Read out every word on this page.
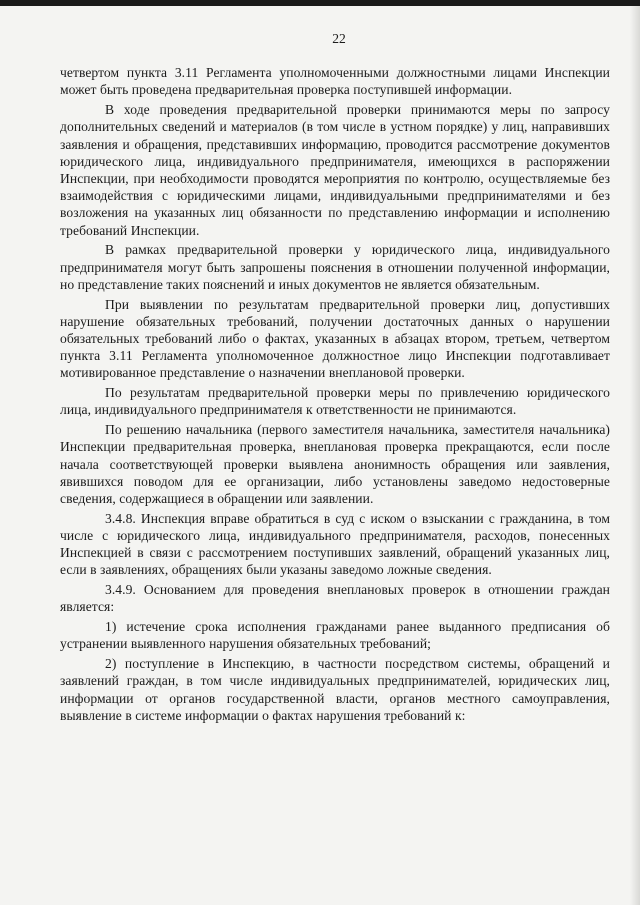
22

четвертом пункта 3.11 Регламента уполномоченными должностными лицами Инспекции может быть проведена предварительная проверка поступившей информации.

В ходе проведения предварительной проверки принимаются меры по запросу дополнительных сведений и материалов (в том числе в устном порядке) у лиц, направивших заявления и обращения, представивших информацию, проводится рассмотрение документов юридического лица, индивидуального предпринимателя, имеющихся в распоряжении Инспекции, при необходимости проводятся мероприятия по контролю, осуществляемые без взаимодействия с юридическими лицами, индивидуальными предпринимателями и без возложения на указанных лиц обязанности по представлению информации и исполнению требований Инспекции.

В рамках предварительной проверки у юридического лица, индивидуального предпринимателя могут быть запрошены пояснения в отношении полученной информации, но представление таких пояснений и иных документов не является обязательным.

При выявлении по результатам предварительной проверки лиц, допустивших нарушение обязательных требований, получении достаточных данных о нарушении обязательных требований либо о фактах, указанных в абзацах втором, третьем, четвертом пункта 3.11 Регламента уполномоченное должностное лицо Инспекции подготавливает мотивированное представление о назначении внеплановой проверки.

По результатам предварительной проверки меры по привлечению юридического лица, индивидуального предпринимателя к ответственности не принимаются.

По решению начальника (первого заместителя начальника, заместителя начальника) Инспекции предварительная проверка, внеплановая проверка прекращаются, если после начала соответствующей проверки выявлена анонимность обращения или заявления, явившихся поводом для ее организации, либо установлены заведомо недостоверные сведения, содержащиеся в обращении или заявлении.

3.4.8. Инспекция вправе обратиться в суд с иском о взыскании с гражданина, в том числе с юридического лица, индивидуального предпринимателя, расходов, понесенных Инспекцией в связи с рассмотрением поступивших заявлений, обращений указанных лиц, если в заявлениях, обращениях были указаны заведомо ложные сведения.

3.4.9. Основанием для проведения внеплановых проверок в отношении граждан является:

1) истечение срока исполнения гражданами ранее выданного предписания об устранении выявленного нарушения обязательных требований;

2) поступление в Инспекцию, в частности посредством системы, обращений и заявлений граждан, в том числе индивидуальных предпринимателей, юридических лиц, информации от органов государственной власти, органов местного самоуправления, выявление в системе информации о фактах нарушения требований к:
